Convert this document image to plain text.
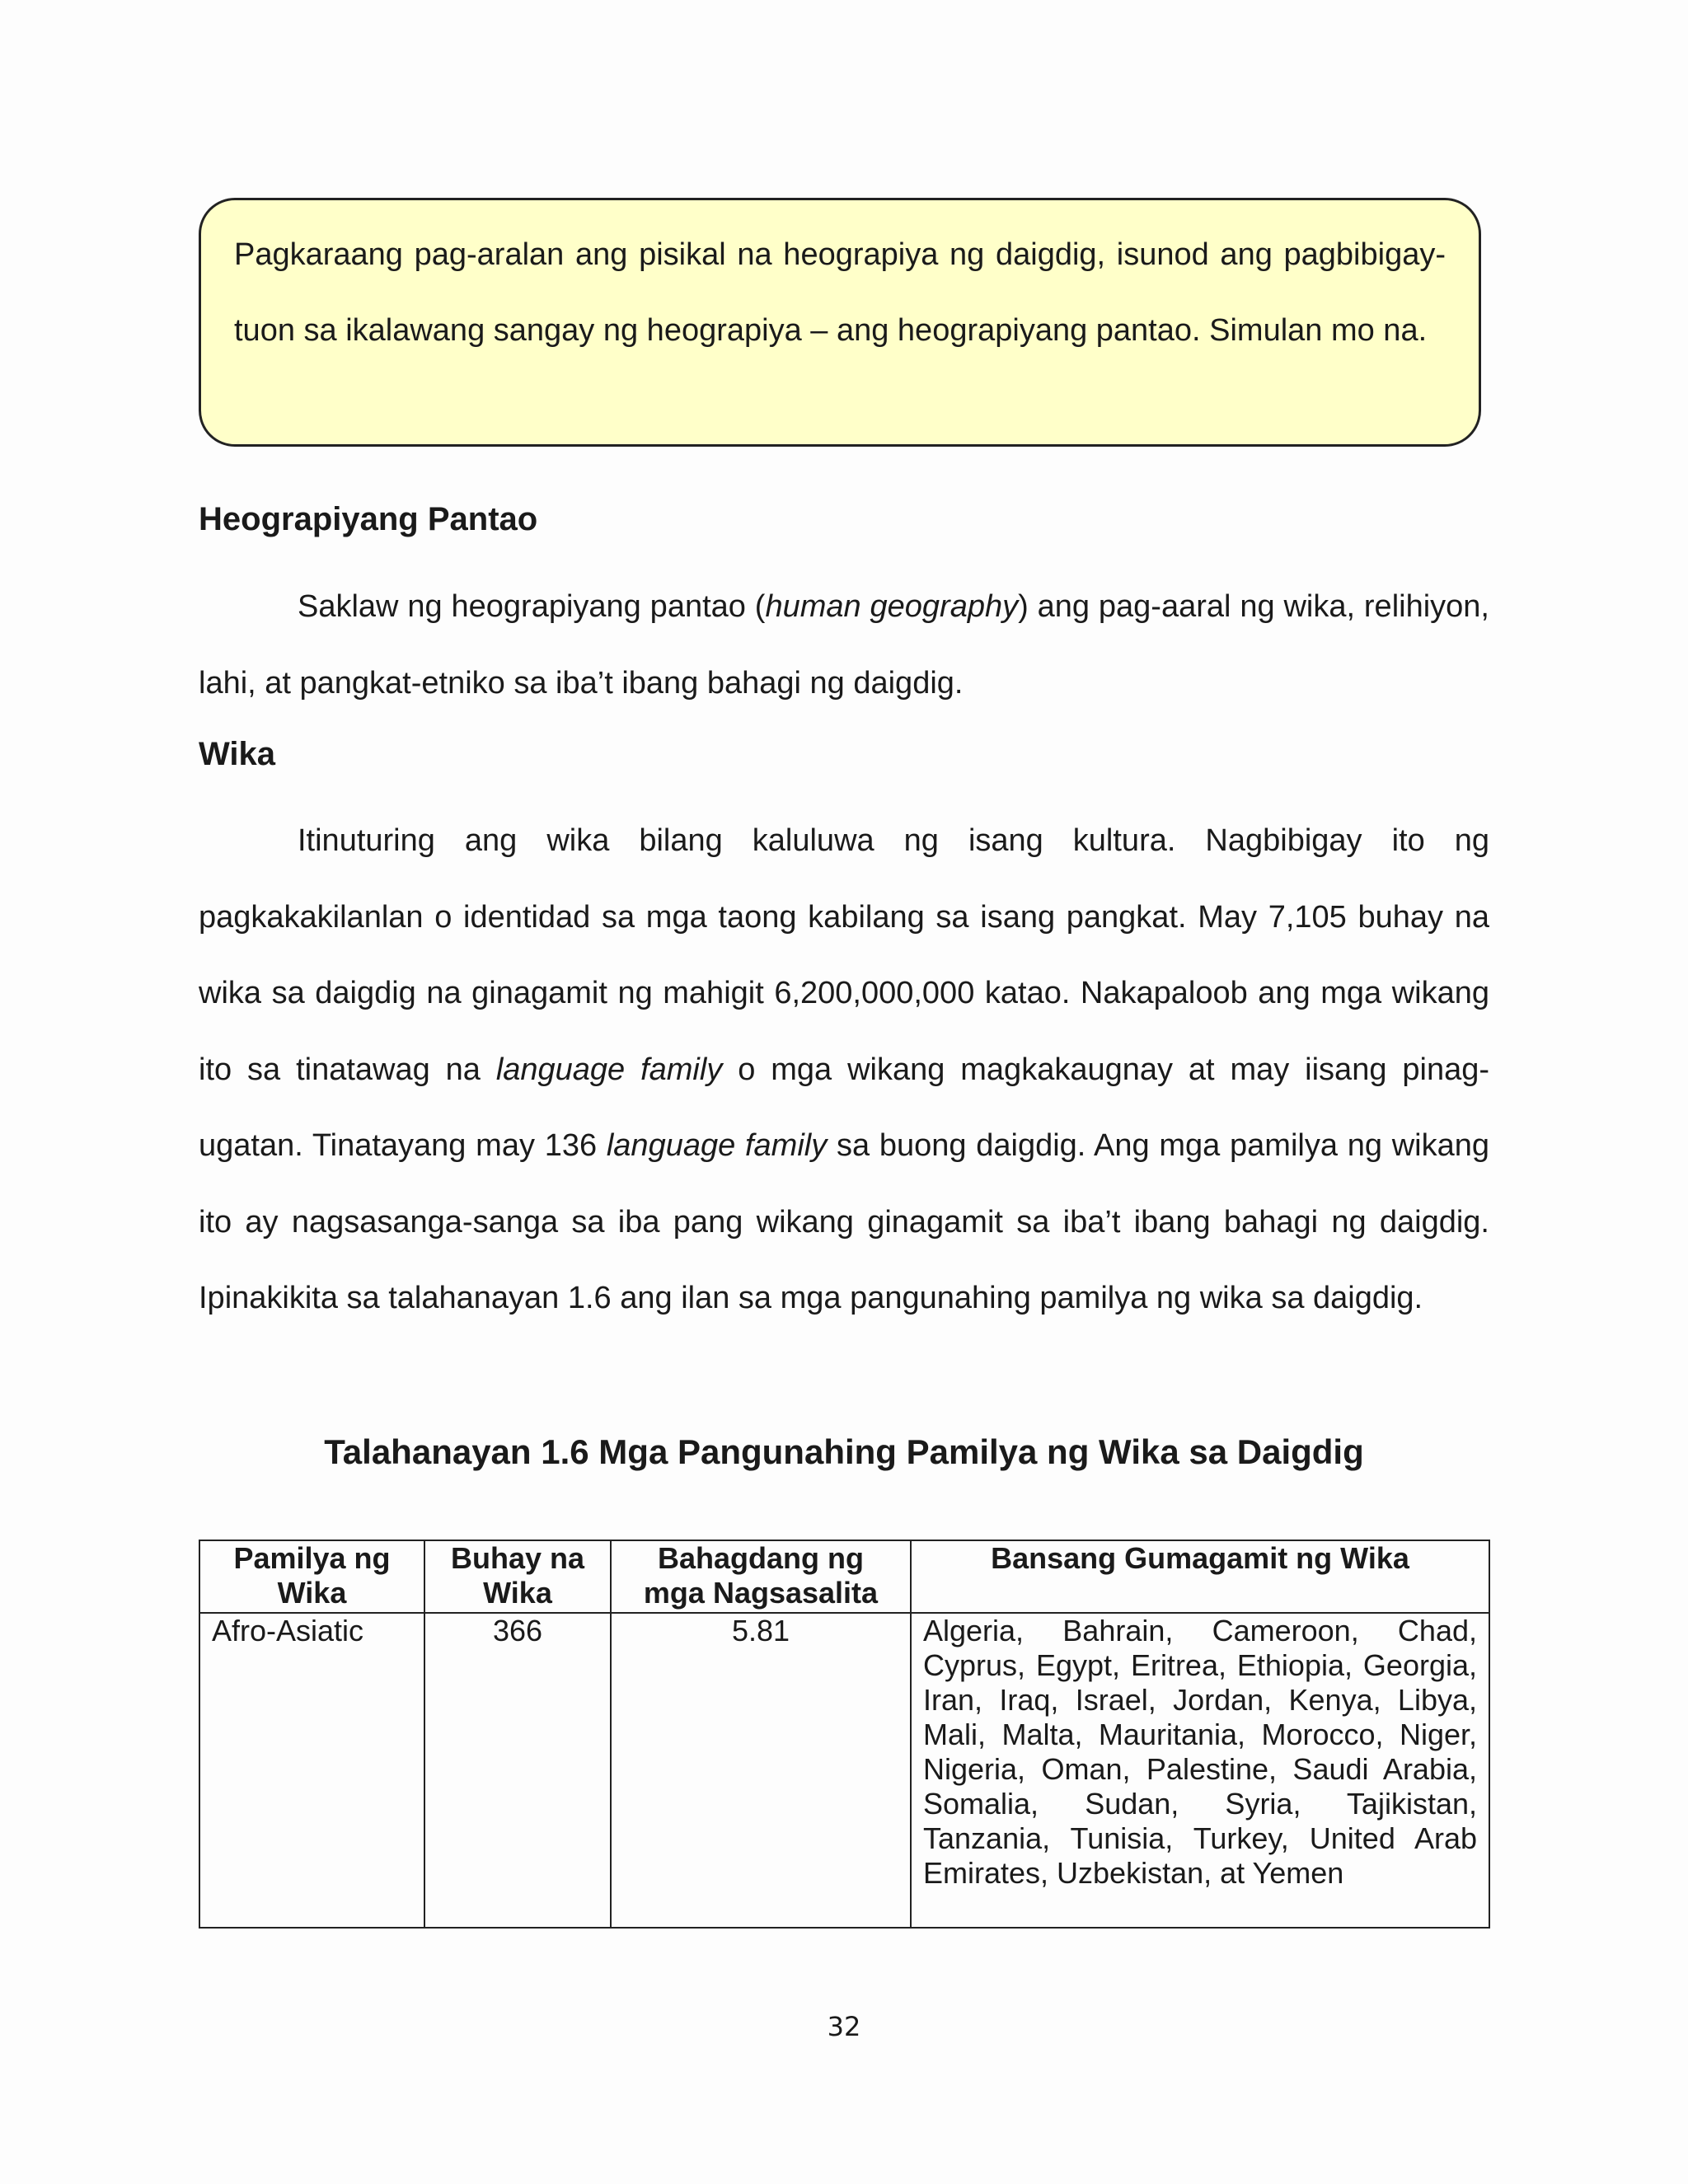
Pagkaraang pag-aralan ang pisikal na heograpiya ng daigdig, isunod ang pagbibigay-tuon sa ikalawang sangay ng heograpiya – ang heograpiyang pantao. Simulan mo na.
Heograpiyang Pantao

Saklaw ng heograpiyang pantao (human geography) ang pag-aaral ng wika, relihiyon, lahi, at pangkat-etniko sa iba’t ibang bahagi ng daigdig.

Wika

Itinuturing ang wika bilang kaluluwa ng isang kultura. Nagbibigay ito ng pagkakakilanlan o identidad sa mga taong kabilang sa isang pangkat. May 7,105 buhay na wika sa daigdig na ginagamit ng mahigit 6,200,000,000 katao. Nakapaloob ang mga wikang ito sa tinatawag na language family o mga wikang magkakaugnay at may iisang pinag-ugatan. Tinatayang may 136 language family sa buong daigdig. Ang mga pamilya ng wikang ito ay nagsasanga-sanga sa iba pang wikang ginagamit sa iba’t ibang bahagi ng daigdig. Ipinakikita sa talahanayan 1.6 ang ilan sa mga pangunahing pamilya ng wika sa daigdig.

Talahanayan 1.6 Mga Pangunahing Pamilya ng Wika sa Daigdig
Pamilya ng Wika	Buhay na Wika	Bahagdang ng mga Nagsasalita	Bansang Gumagamit ng Wika
Afro-Asiatic	366	5.81	Algeria, Bahrain, Cameroon, Chad, Cyprus, Egypt, Eritrea, Ethiopia, Georgia, Iran, Iraq, Israel, Jordan, Kenya, Libya, Mali, Malta, Mauritania, Morocco, Niger, Nigeria, Oman, Palestine, Saudi Arabia, Somalia, Sudan, Syria, Tajikistan, Tanzania, Tunisia, Turkey, United Arab Emirates, Uzbekistan, at Yemen

32
